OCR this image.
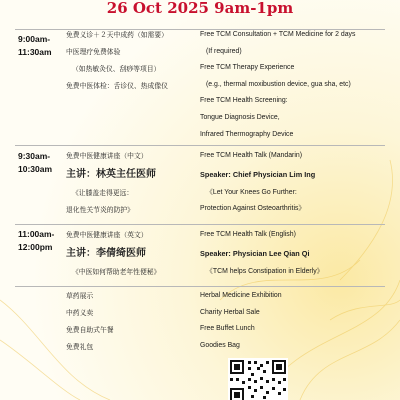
26 Oct 2025 9am-1pm
9:00am-
11:30am
免费义诊＋２天中成药（如需要）
中医理疗免费体验
（如热敏灸仪、刮痧等项目）
免费中医体检：舌诊仪、热成像仪
Free TCM Consultation + TCM Medicine for 2 days
(If required)
Free TCM Therapy Experience
(e.g., thermal moxibustion device, gua sha, etc)
Free TCM Health Screening:
Tongue Diagnosis Device,
Infrared Thermography Device
9:30am-
10:30am
免费中医健康讲座（中文）
主讲：林英主任医师
《让膝盖走得更远：
退化性关节炎的防护》
Free TCM Health Talk (Mandarin)
Speaker: Chief Physician Lim Ing
《Let Your Knees Go Further:
Protection Against Osteoarthritis》
11:00am-
12:00pm
免费中医健康讲座（英文）
主讲：李倩绮医师
《中医如何帮助老年性便秘》
Free TCM Health Talk (English)
Speaker: Physician Lee Qian Qi
《TCM helps Constipation in Elderly》
草药展示
中药义卖
免费自助式午餐
免费礼包
Herbal Medicine Exhibition
Charity Herbal Sale
Free Buffet Lunch
Goodies Bag
